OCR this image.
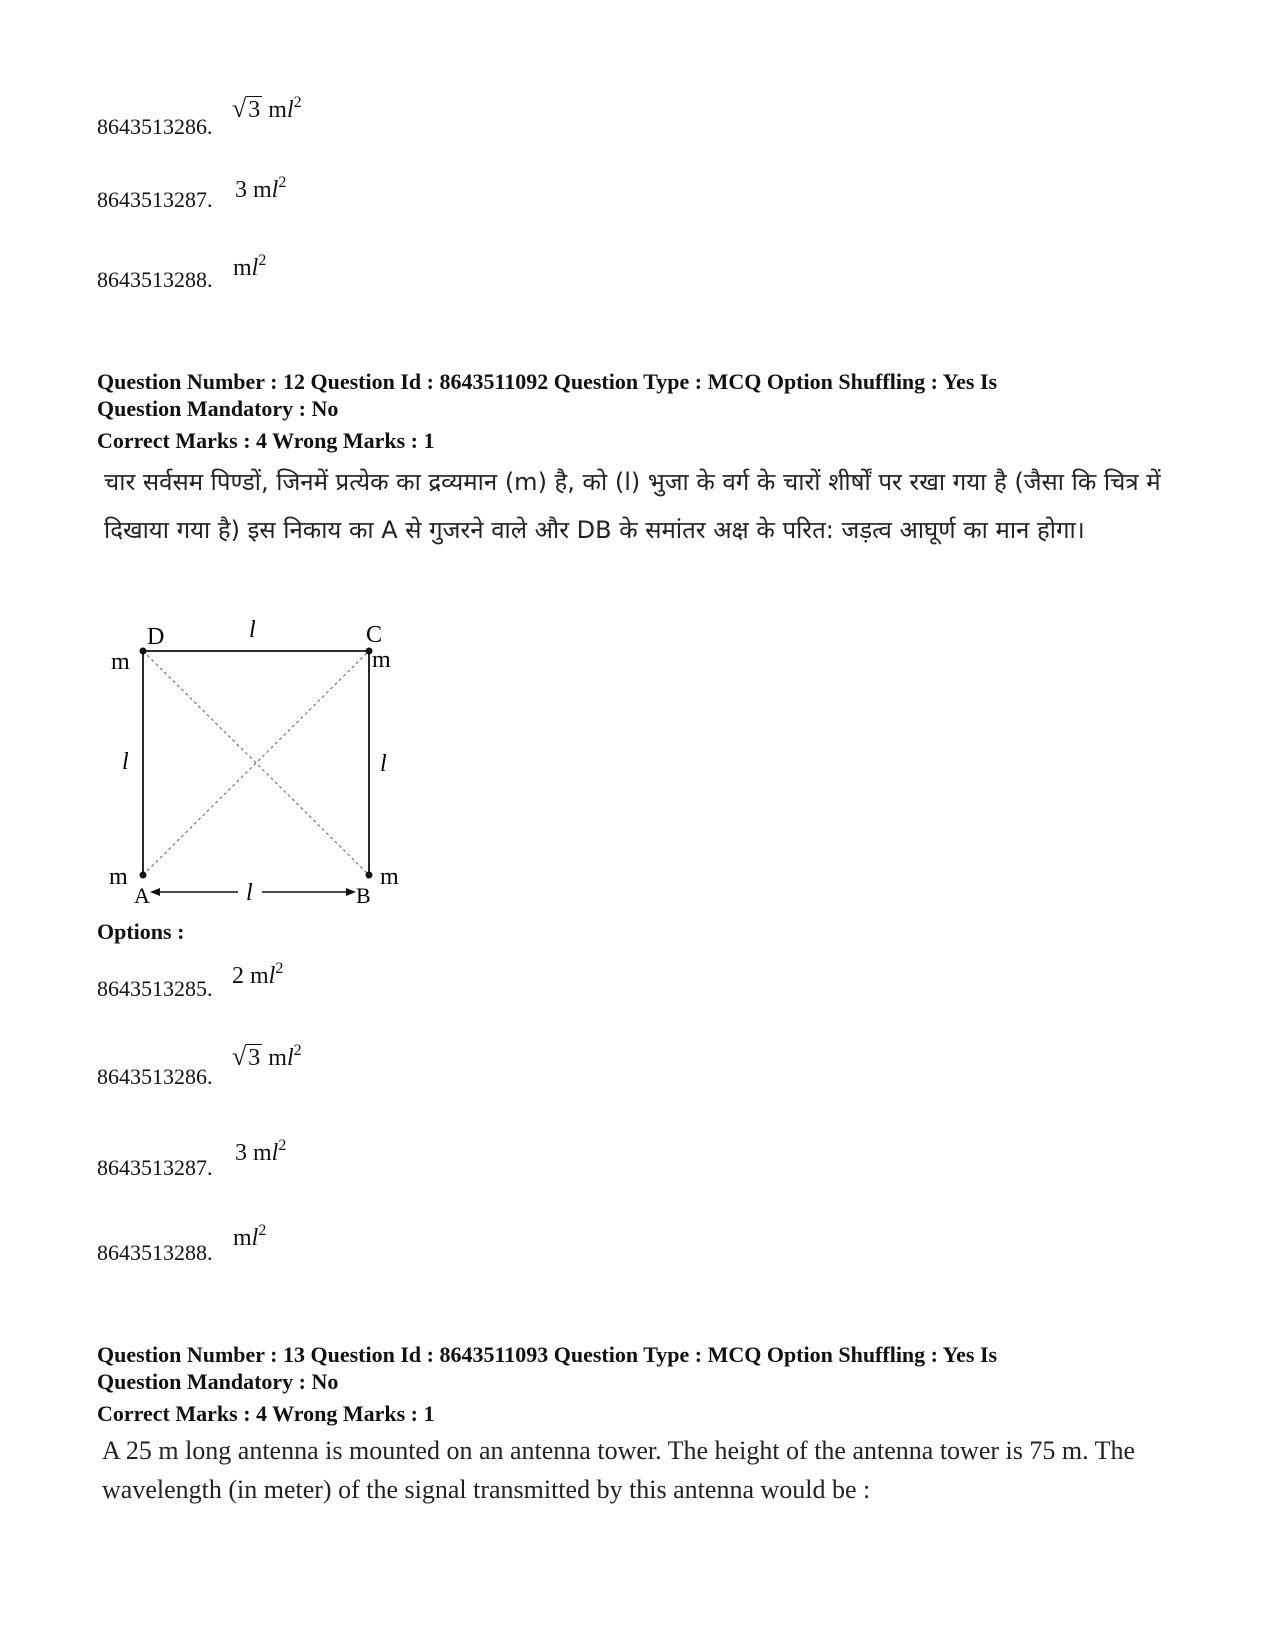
8643513286.
√3 $ml^2$
8643513287. 3 $ml^2$
8643513288. $ml^2$
Question Number : 12 Question Id : 8643511092 Question Type : MCQ Option Shuffling : Yes Is
Question Mandatory : No
Correct Marks : 4 Wrong Marks : 1
चार सर्वसम पिण्डों, जिनमें प्रत्येक का द्रव्यमान (m) है, को (l) भुजा के वर्ग के चारों शीर्षों पर रखा गया है (जैसा कि चित्र में दिखाया गया है) इस निकाय का A से गुजरने वाले और DB के समांतर अक्ष के परित: जड़त्व आघूर्ण का मान होगा।
D	C
A	B
m	m
m	m
l
l	l
l
Options :
8643513285. 2 $ml^2$
8643513286.
√3 $ml^2$
8643513287.
3 $ml^2$
8643513288.
$ml^2$
Question Number : 13 Question Id : 8643511093 Question Type : MCQ Option Shuffling : Yes Is
Question Mandatory : No
Correct Marks : 4 Wrong Marks : 1
A 25 m long antenna is mounted on an antenna tower. The height of the antenna tower is 75 m. The wavelength (in meter) of the signal transmitted by this antenna would be :
